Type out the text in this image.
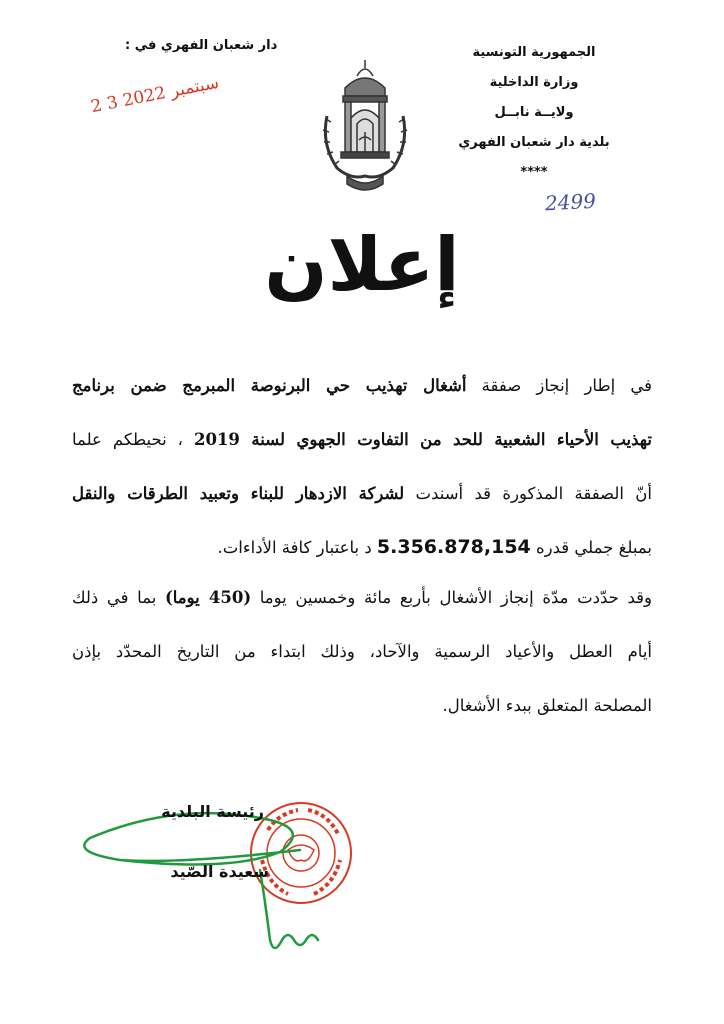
الجمهورية التونسية
وزارة الداخلية
ولايــة نابــل
بلدية دار شعبان الفهري
****
دار شعبان الفهري في :
2 3 سبتمبر 2022
2499
إعلان
في إطار إنجاز صفقة أشغال تهذيب حي البرنوصة المبرمج ضمن برنامج
تهذيب الأحياء الشعبية للحد من التفاوت الجهوي لسنة 2019 ، نحيطكم علما
أنّ الصفقة المذكورة قد أسندت لشركة الازدهار للبناء وتعبيد الطرقات والنقل
بمبلغ جملي قدره 5.356.878,154 د باعتبار كافة الأداءات.
وقد حدّدت مدّة إنجاز الأشغال بأربع مائة وخمسين يوما (450 يوما) بما في ذلك
أيام العطل والأعياد الرسمية والآحاد، وذلك ابتداء من التاريخ المحدّد بإذن
المصلحة المتعلق ببدء الأشغال.
رئيسة البلدية
سعيدة الصّيد
